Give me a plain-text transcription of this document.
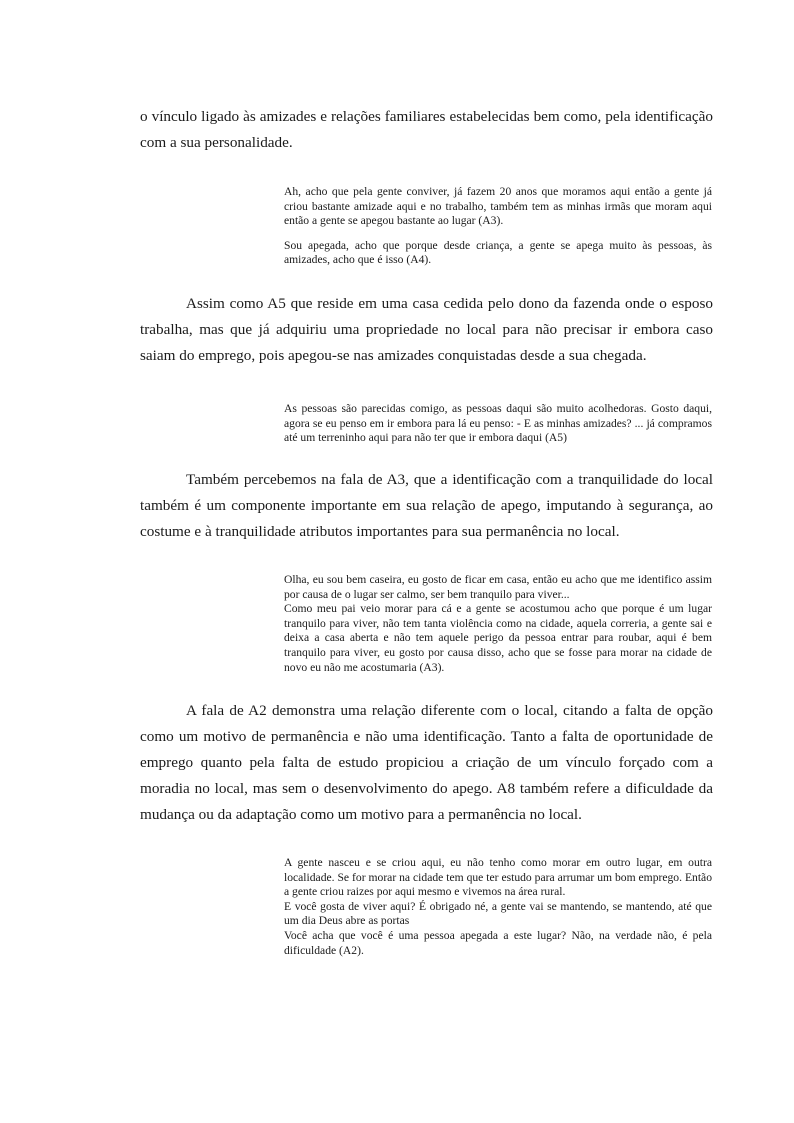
o vínculo ligado às amizades e relações familiares estabelecidas bem como, pela identificação com a sua personalidade.

Ah, acho que pela gente conviver, já fazem 20 anos que moramos aqui então a gente já criou bastante amizade aqui e no trabalho, também tem as minhas irmãs que moram aqui então a gente se apegou bastante ao lugar (A3).

Sou apegada, acho que porque desde criança, a gente se apega muito às pessoas, às amizades, acho que é isso (A4).

Assim como A5 que reside em uma casa cedida pelo dono da fazenda onde o esposo trabalha, mas que já adquiriu uma propriedade no local para não precisar ir embora caso saiam do emprego, pois apegou-se nas amizades conquistadas desde a sua chegada.

As pessoas são parecidas comigo, as pessoas daqui são muito acolhedoras. Gosto daqui, agora se eu penso em ir embora para lá eu penso: - E as minhas amizades? ... já compramos até um terreninho aqui para não ter que ir embora daqui (A5)

Também percebemos na fala de A3, que a identificação com a tranquilidade do local também é um componente importante em sua relação de apego, imputando à segurança, ao costume e à tranquilidade atributos importantes para sua permanência no local.

Olha, eu sou bem caseira, eu gosto de ficar em casa, então eu acho que me identifico assim por causa de o lugar ser calmo, ser bem tranquilo para viver...

Como meu pai veio morar para cá e a gente se acostumou acho que porque é um lugar tranquilo para viver, não tem tanta violência como na cidade, aquela correria, a gente sai e deixa a casa aberta e não tem aquele perigo da pessoa entrar para roubar, aqui é bem tranquilo para viver, eu gosto por causa disso, acho que se fosse para morar na cidade de novo eu não me acostumaria (A3).

A fala de A2 demonstra uma relação diferente com o local, citando a falta de opção como um motivo de permanência e não uma identificação. Tanto a falta de oportunidade de emprego quanto pela falta de estudo propiciou a criação de um vínculo forçado com a moradia no local, mas sem o desenvolvimento do apego. A8 também refere a dificuldade da mudança ou da adaptação como um motivo para a permanência no local.

A gente nasceu e se criou aqui, eu não tenho como morar em outro lugar, em outra localidade. Se for morar na cidade tem que ter estudo para arrumar um bom emprego. Então a gente criou raizes por aqui mesmo e vivemos na área rural.

E você gosta de viver aqui? É obrigado né, a gente vai se mantendo, se mantendo, até que um dia Deus abre as portas

Você acha que você é uma pessoa apegada a este lugar? Não, na verdade não, é pela dificuldade (A2).
